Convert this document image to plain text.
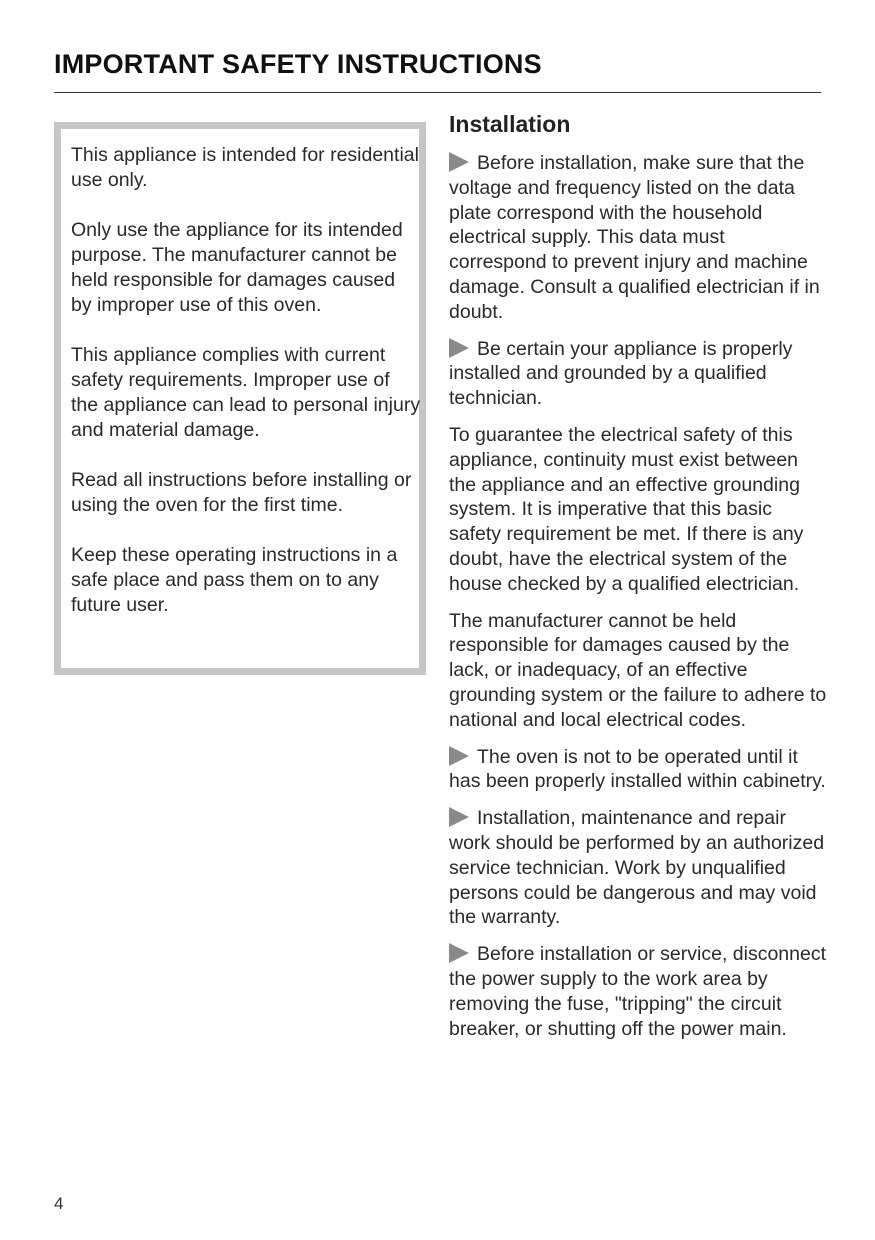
IMPORTANT SAFETY INSTRUCTIONS

This appliance is intended for residential use only.

Only use the appliance for its intended purpose. The manufacturer cannot be held responsible for damages caused by improper use of this oven.

This appliance complies with current safety requirements. Improper use of the appliance can lead to personal injury and material damage.

Read all instructions before installing or using the oven for the first time.

Keep these operating instructions in a safe place and pass them on to any future user.

Installation

Before installation, make sure that the voltage and frequency listed on the data plate correspond with the household electrical supply. This data must correspond to prevent injury and machine damage. Consult a qualified electrician if in doubt.

Be certain your appliance is properly installed and grounded by a qualified technician.

To guarantee the electrical safety of this appliance, continuity must exist between the appliance and an effective grounding system. It is imperative that this basic safety requirement be met. If there is any doubt, have the electrical system of the house checked by a qualified electrician.

The manufacturer cannot be held responsible for damages caused by the lack, or inadequacy, of an effective grounding system or the failure to adhere to national and local electrical codes.

The oven is not to be operated until it has been properly installed within cabinetry.

Installation, maintenance and repair work should be performed by an authorized service technician. Work by unqualified persons could be dangerous and may void the warranty.

Before installation or service, disconnect the power supply to the work area by removing the fuse, "tripping" the circuit breaker, or shutting off the power main.

4
